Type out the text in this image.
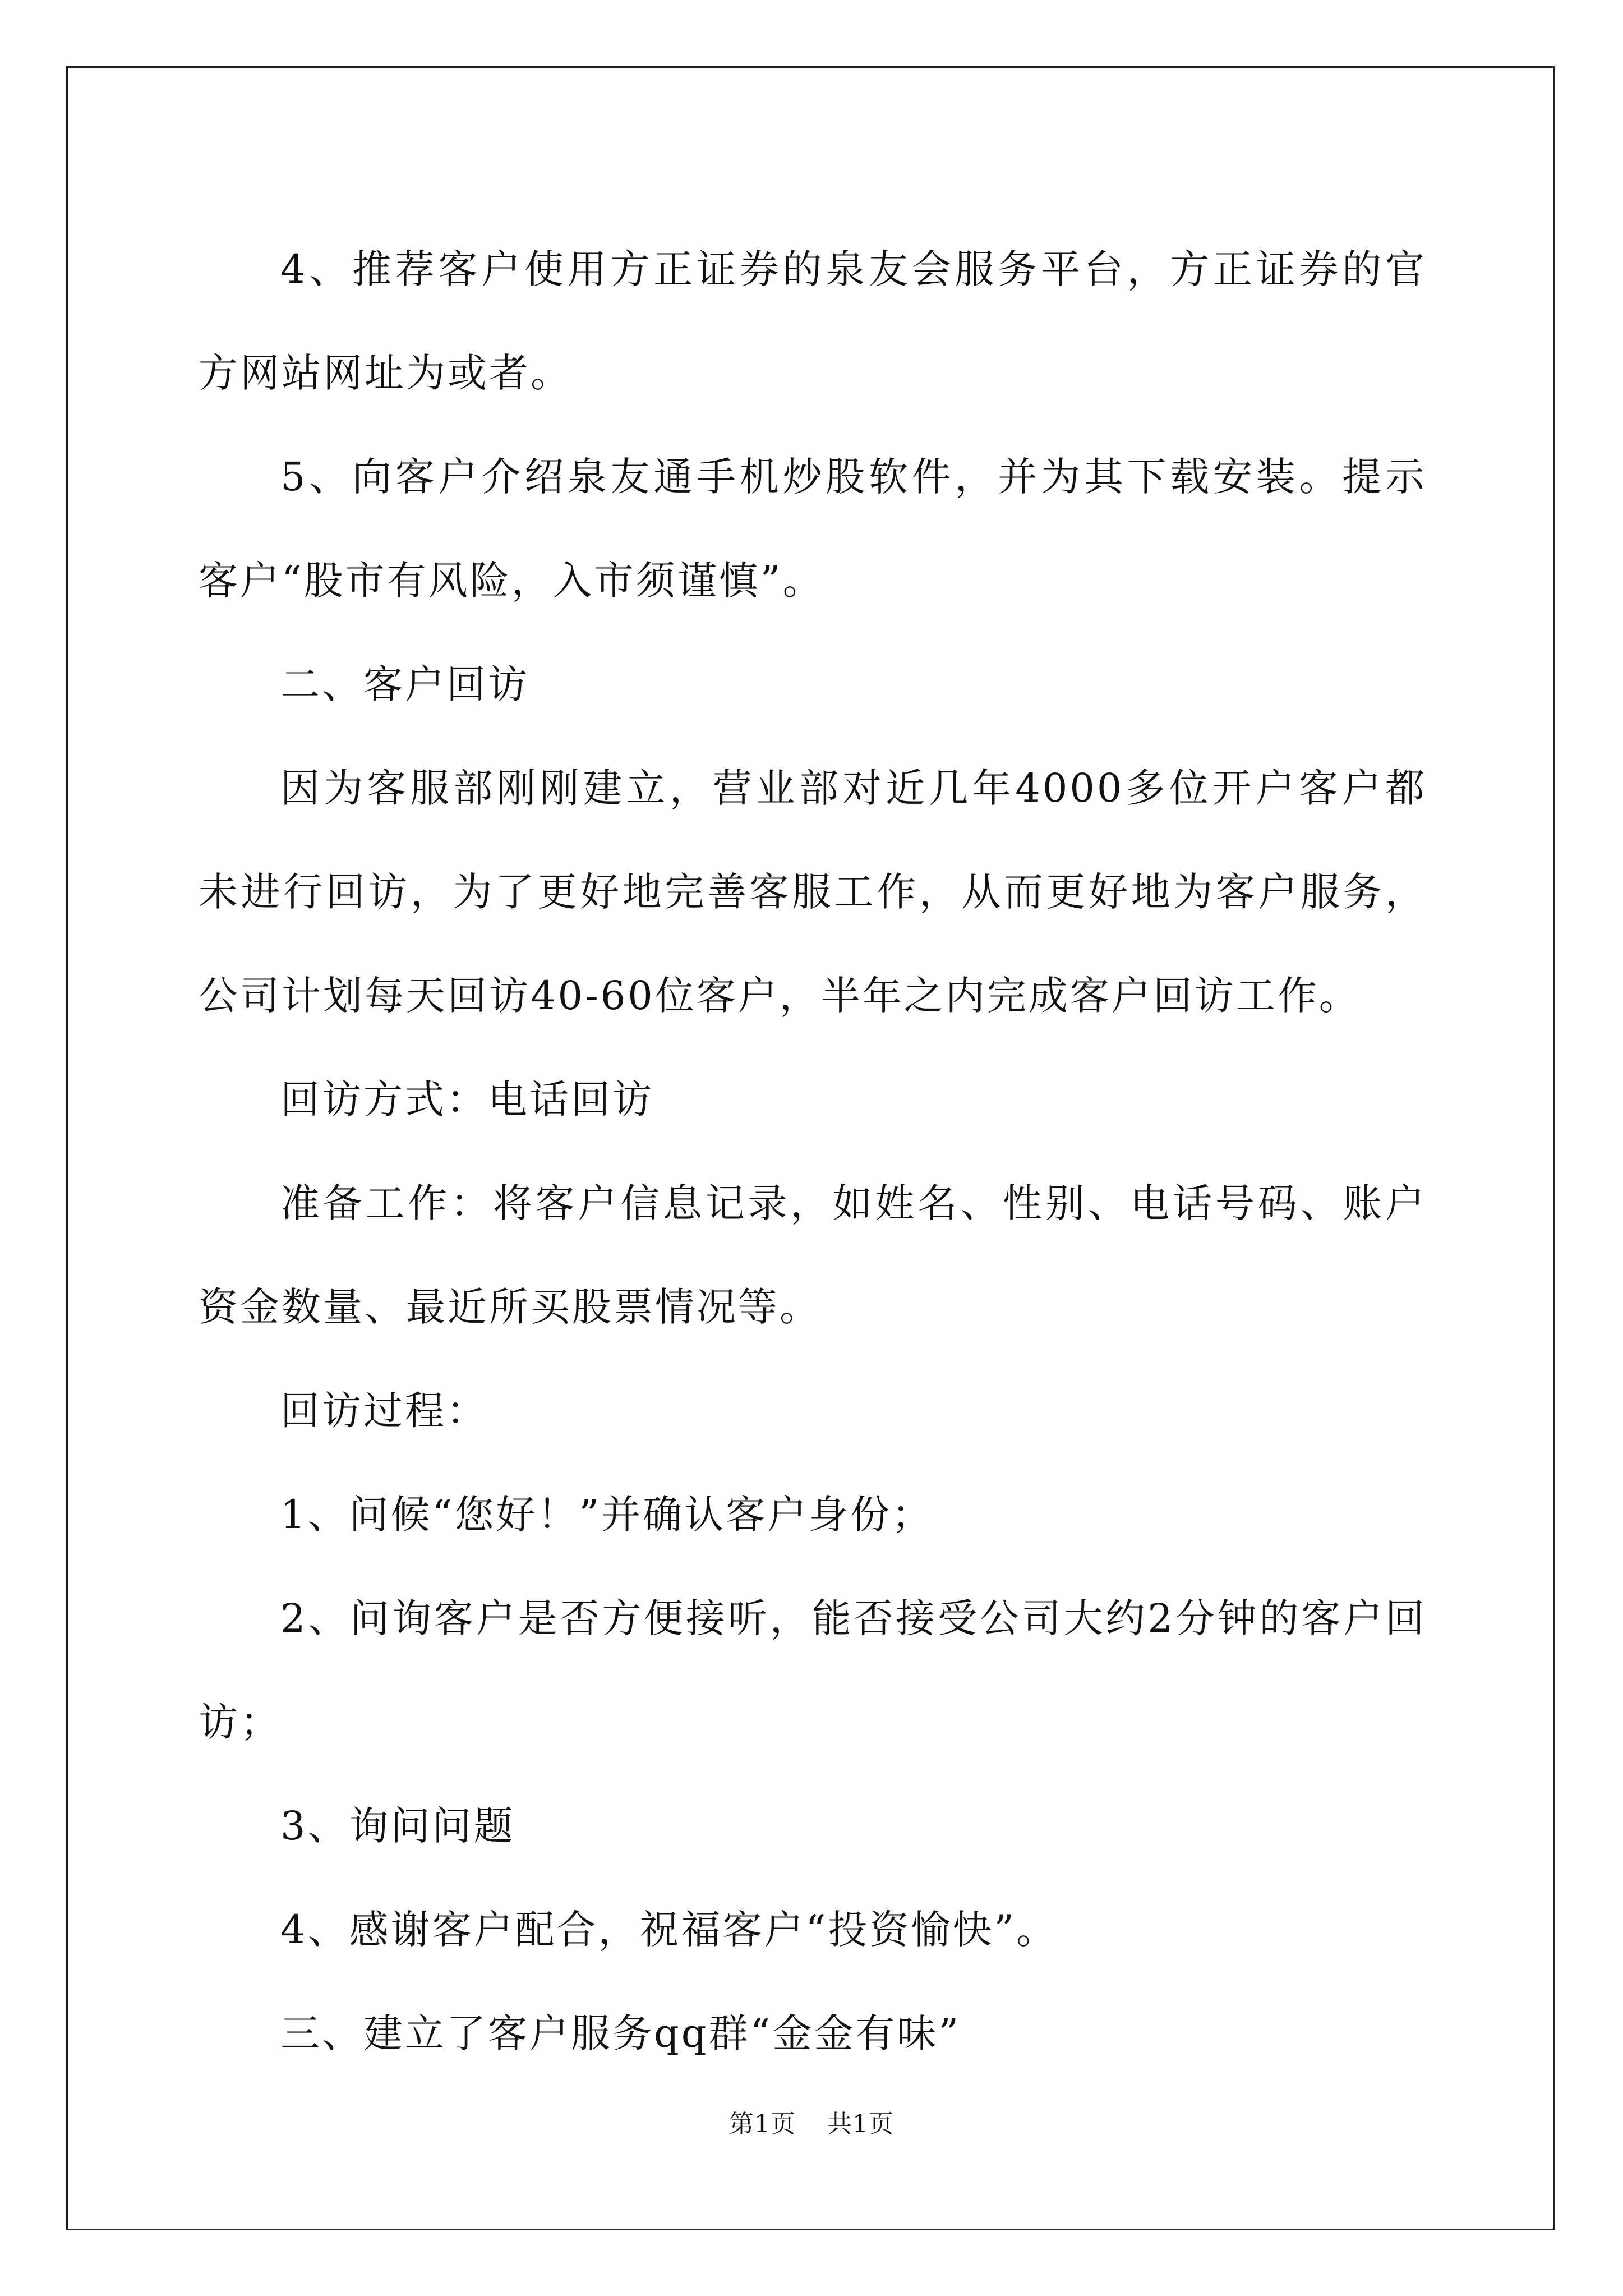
4、推荐客户使用方正证券的泉友会服务平台，方正证券的官方网站网址为或者。

5、向客户介绍泉友通手机炒股软件，并为其下载安装。提示客户“股市有风险，入市须谨慎”。

二、客户回访

因为客服部刚刚建立，营业部对近几年4000多位开户客户都未进行回访，为了更好地完善客服工作，从而更好地为客户服务，公司计划每天回访40-60位客户，半年之内完成客户回访工作。

回访方式：电话回访

准备工作：将客户信息记录，如姓名、性别、电话号码、账户资金数量、最近所买股票情况等。

回访过程：

1、问候“您好！”并确认客户身份；

2、问询客户是否方便接听，能否接受公司大约2分钟的客户回访；

3、询问问题

4、感谢客户配合，祝福客户“投资愉快”。

三、建立了客户服务qq群“金金有味”

第1页 共1页
